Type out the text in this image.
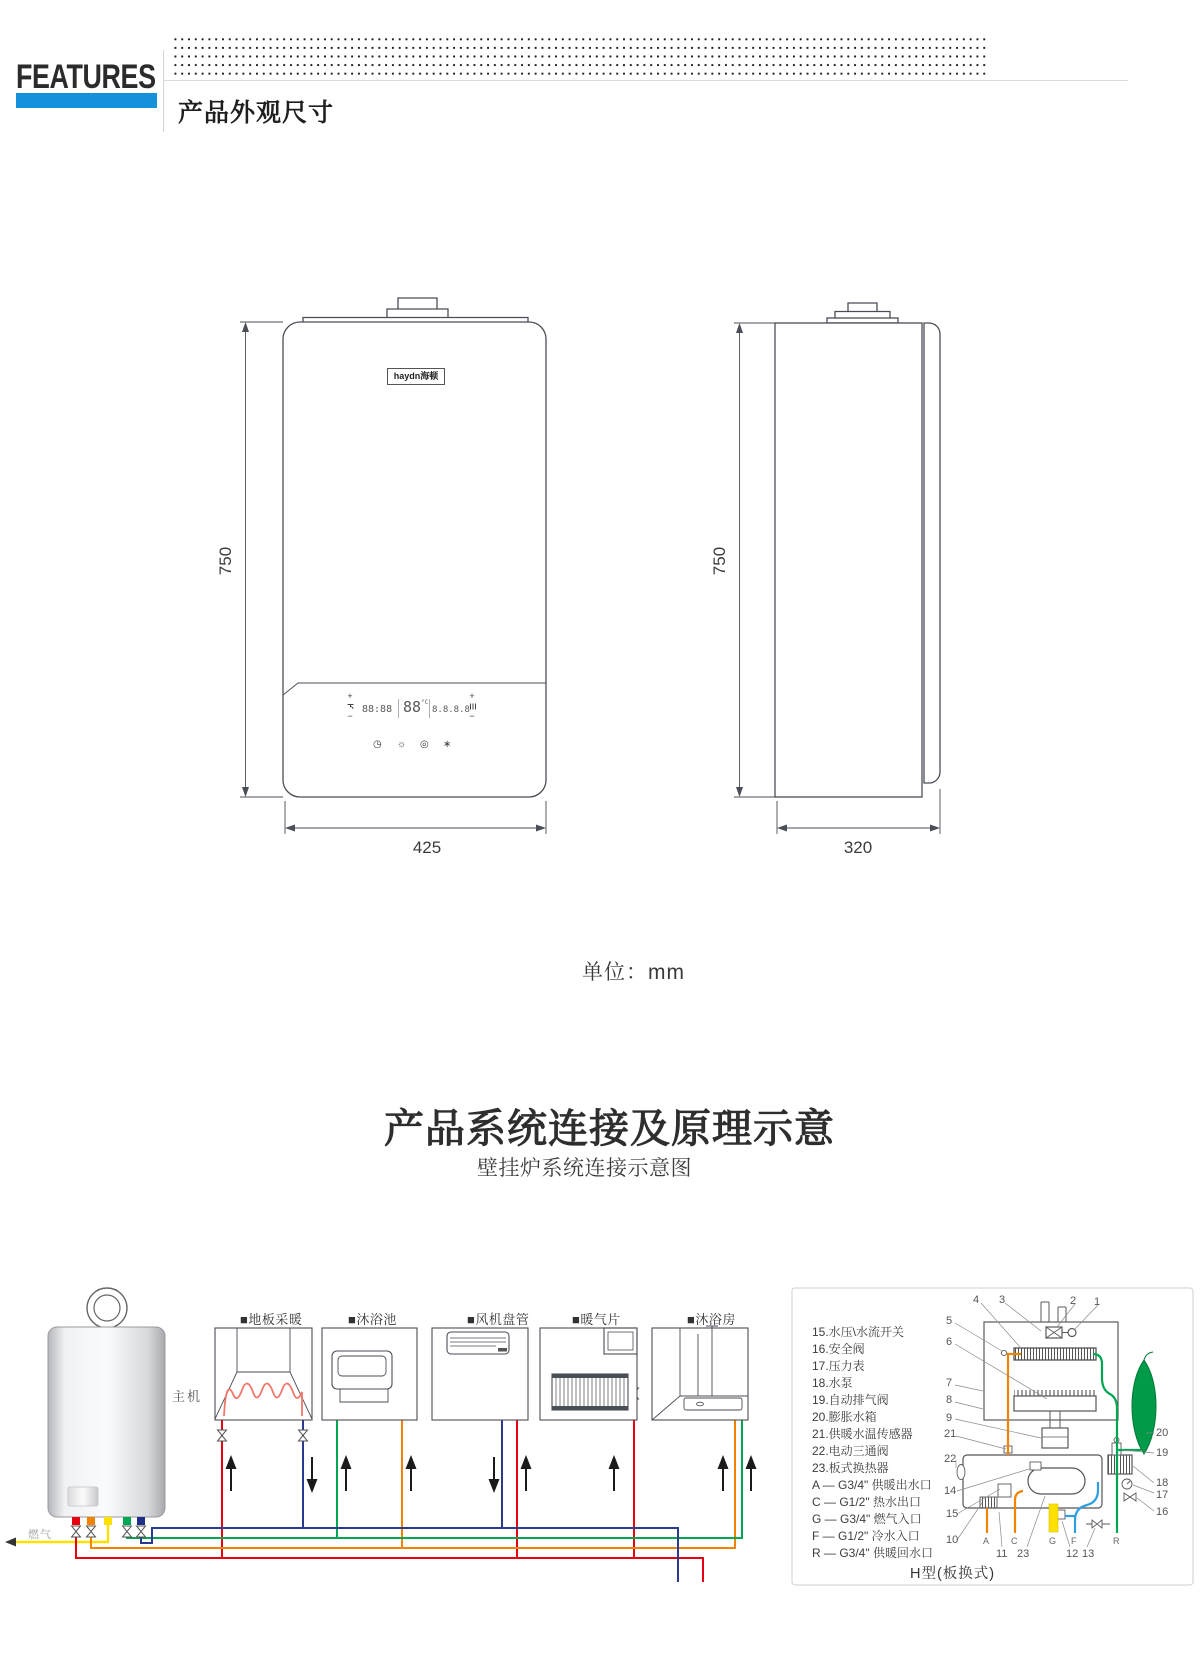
FEATURES
产品外观尺寸
750
425
750
320
单位：mm
haydn海顿
+
−
88:88 88 °C
8.8.8.8
+
−
◷ ☼ ◎ ∗
产品系统连接及原理示意
壁挂炉系统连接示意图
主机
燃气
■地板采暖	■沐浴池	■风机盘管	■暖气片	■沐浴房
15.水压\水流开关
16.安全阀
17.压力表
18.水泵
19.自动排气阀
20.膨胀水箱
21.供暖水温传感器
22.电动三通阀
23.板式换热器
A — G3/4" 供暖出水口
C — G1/2" 热水出口
G — G3/4" 燃气入口
F — G1/2" 冷水入口
R — G3/4" 供暖回水口
4 3	2 1
5
6
7
8
9
21
22
14
15
10
20
19
18
17
16
11 23	12 13
A C	G F	R
H型(板换式)
